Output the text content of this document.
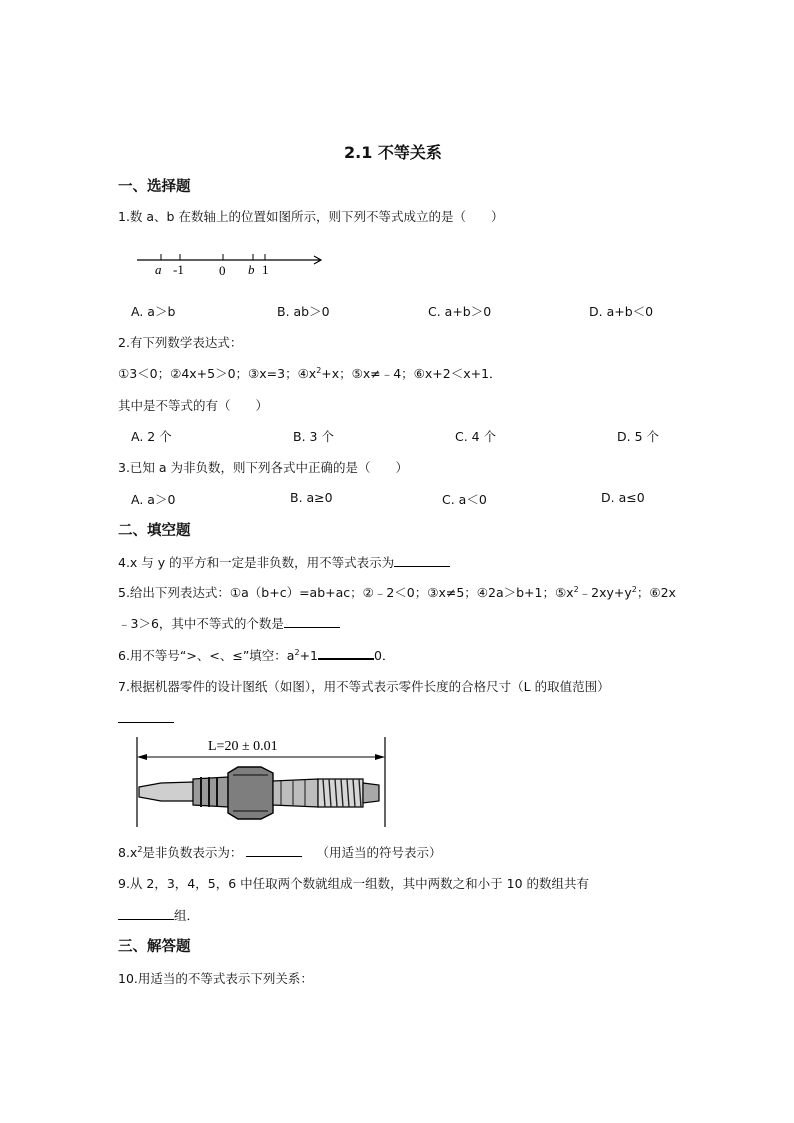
2.1 不等关系
一、选择题
1.数 a、b 在数轴上的位置如图所示，则下列不等式成立的是（　　）
a -1	0 b 1
A. a＞b	B. ab＞0	C. a+b＞0	D. a+b＜0
2.有下列数学表达式：
①3＜0；②4x+5＞0；③x=3；$④x^2+x$；⑤x≠﹣4；⑥x+2＜x+1．
其中是不等式的有（　　）
A. 2 个	B. 3 个	C. 4 个	D. 5 个
3.已知 a 为非负数，则下列各式中正确的是（　　）
A. a＞0	B. a≥0	C. a＜0	D. a≤0
二、填空题
4.x 与 y 的平方和一定是非负数，用不等式表示为
5.给出下列表达式：①a（b+c）=ab+ac；②﹣2＜0；③x≠5；④2a＞b+1；$⑤x^2﹣2xy+y^2$；⑥2x
﹣3＞6，其中不等式的个数是
6.用不等号“>、<、≤”填空：$a^2+1$	0．
7.根据机器零件的设计图纸（如图），用不等式表示零件长度的合格尺寸（L 的取值范围）
L=20 ± 0.01
$8.x^2$是非负数表示为：	（用适当的符号表示）
9.从 2，3，4，5，6 中任取两个数就组成一组数，其中两数之和小于 10 的数组共有
组．
三、解答题
10.用适当的不等式表示下列关系：
